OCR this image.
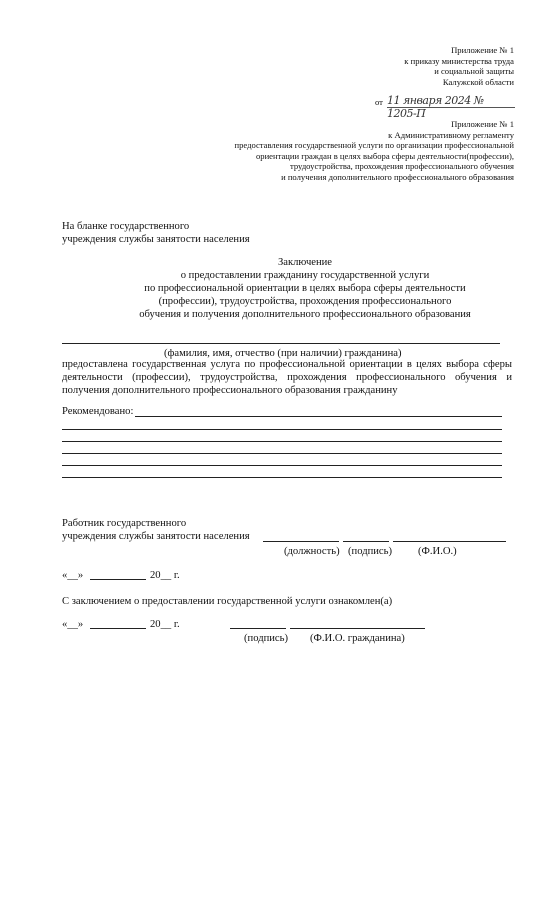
Приложение № 1
к приказу министерства труда
и социальной защиты
Калужской области
от 11 января 2024 № 1205-П
Приложение № 1
к Административному регламенту
предоставления государственной услуги по организации профессиональной
ориентации граждан в целях выбора сферы деятельности(профессии),
трудоустройства, прохождения профессионального обучения
и получения дополнительного профессионального образования
На бланке государственного
учреждения службы занятости населения
Заключение
о предоставлении гражданину государственной услуги
по профессиональной ориентации в целях выбора сферы деятельности
(профессии), трудоустройства, прохождения профессионального
обучения и получения дополнительного профессионального образования
(фамилия, имя, отчество (при наличии) гражданина)
предоставлена государственная услуга по профессиональной ориентации в целях выбора сферы
деятельности (профессии), трудоустройства, прохождения профессионального обучения и
получения дополнительного профессионального образования гражданину
Рекомендовано:
Работник государственного
учреждения службы занятости населения
(должность) (подпись) (Ф.И.О.)
«__»	20__ г.
С заключением о предоставлении государственной услуги ознакомлен(а)
«__»	20__ г.
(подпись) (Ф.И.О. гражданина)
